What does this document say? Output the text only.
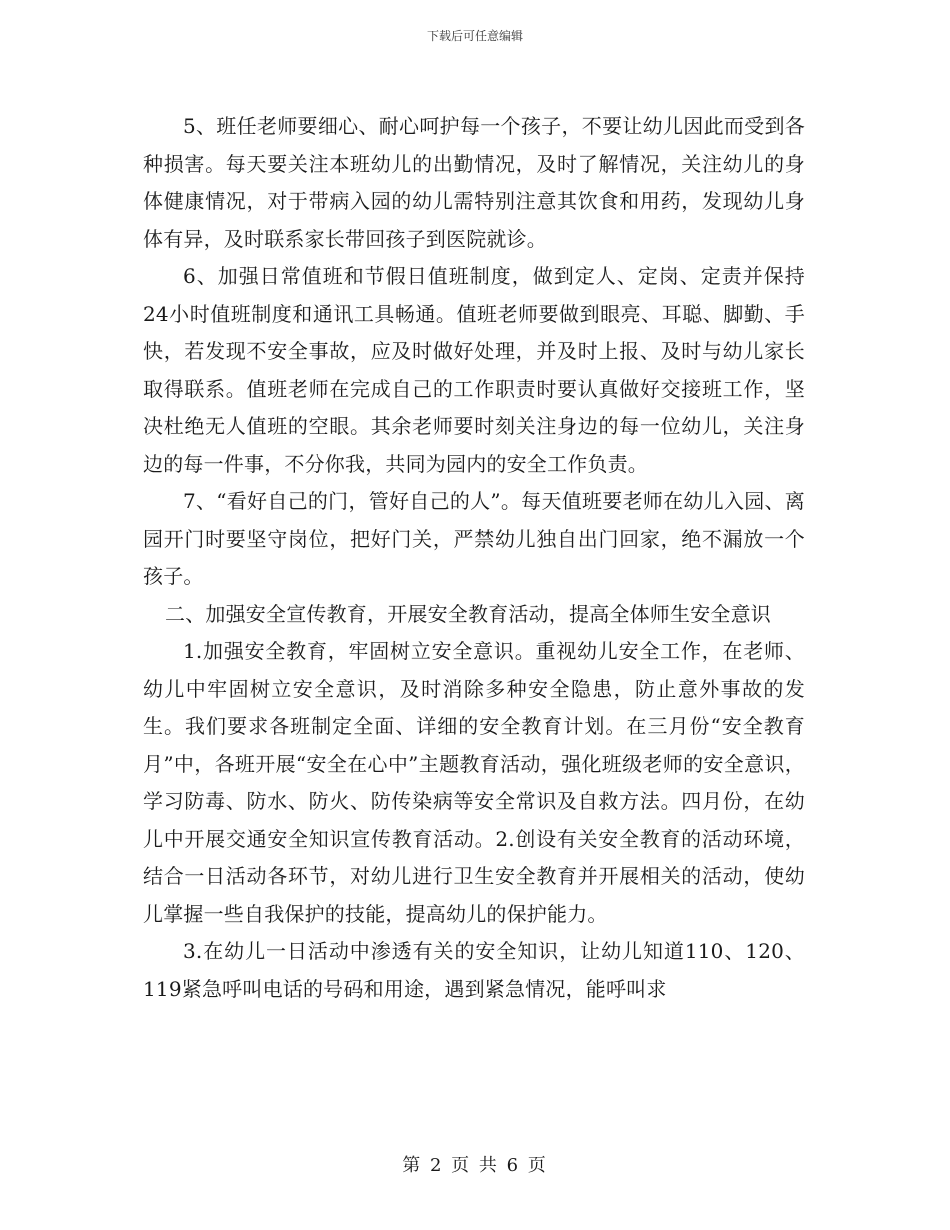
下载后可任意编辑

5、班任老师要细心、耐心呵护每一个孩子，不要让幼儿因此而受到各种损害。每天要关注本班幼儿的出勤情况，及时了解情况，关注幼儿的身体健康情况，对于带病入园的幼儿需特别注意其饮食和用药，发现幼儿身体有异，及时联系家长带回孩子到医院就诊。

6、加强日常值班和节假日值班制度，做到定人、定岗、定责并保持24小时值班制度和通讯工具畅通。值班老师要做到眼亮、耳聪、脚勤、手快，若发现不安全事故，应及时做好处理，并及时上报、及时与幼儿家长取得联系。值班老师在完成自己的工作职责时要认真做好交接班工作，坚决杜绝无人值班的空眼。其余老师要时刻关注身边的每一位幼儿，关注身边的每一件事，不分你我，共同为园内的安全工作负责。

7、“看好自己的门，管好自己的人”。每天值班要老师在幼儿入园、离园开门时要坚守岗位，把好门关，严禁幼儿独自出门回家，绝不漏放一个孩子。

二、加强安全宣传教育，开展安全教育活动，提高全体师生安全意识

1.加强安全教育，牢固树立安全意识。重视幼儿安全工作，在老师、幼儿中牢固树立安全意识，及时消除多种安全隐患，防止意外事故的发生。我们要求各班制定全面、详细的安全教育计划。在三月份“安全教育月”中，各班开展“安全在心中”主题教育活动，强化班级老师的安全意识，学习防毒、防水、防火、防传染病等安全常识及自救方法。四月份，在幼儿中开展交通安全知识宣传教育活动。2.创设有关安全教育的活动环境，结合一日活动各环节，对幼儿进行卫生安全教育并开展相关的活动，使幼儿掌握一些自我保护的技能，提高幼儿的保护能力。

3.在幼儿一日活动中渗透有关的安全知识，让幼儿知道110、120、119紧急呼叫电话的号码和用途，遇到紧急情况，能呼叫求

第 2 页 共 6 页
